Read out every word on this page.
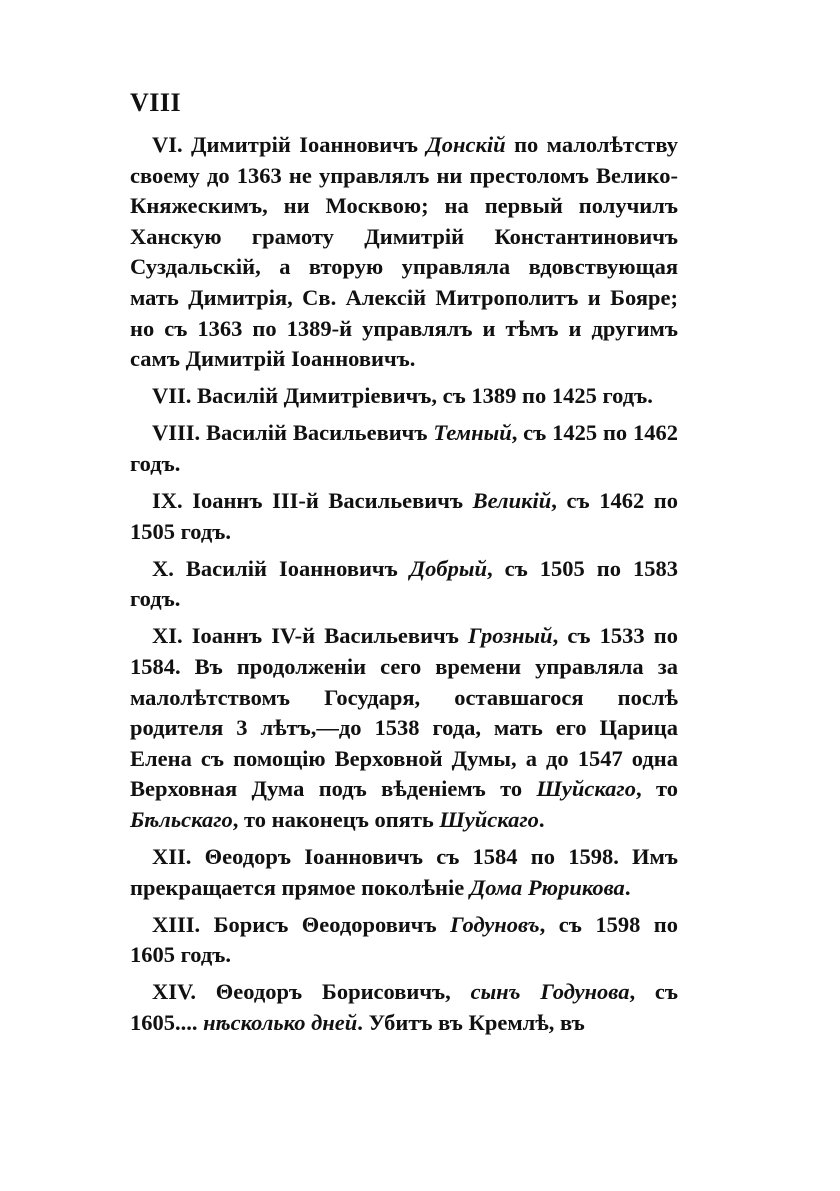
VIII

VI. Димитрій Іоанновичъ Донскій по малолѣтству своему до 1363 не управлялъ ни престоломъ Велико-Княжескимъ, ни Москвою; на первый получилъ Ханскую грамоту Димитрій Константиновичъ Суздальскій, а вторую управляла вдовствующая мать Димитрія, Св. Алексій Митрополитъ и Бояре; но съ 1363 по 1389-й управлялъ и тѣмъ и другимъ самъ Димитрій Іоанновичъ.

VII. Василій Димитріевичъ, съ 1389 по 1425 годъ.

VIII. Василій Васильевичъ Темный, съ 1425 по 1462 годъ.

IX. Іоаннъ III-й Васильевичъ Великій, съ 1462 по 1505 годъ.

X. Василій Іоанновичъ Добрый, съ 1505 по 1583 годъ.

XI. Іоаннъ IV-й Васильевичъ Грозный, съ 1533 по 1584. Въ продолженіи сего времени управляла за малолѣтствомъ Государя, оставшагося послѣ родителя 3 лѣтъ,—до 1538 года, мать его Царица Елена съ помощію Верховной Думы, а до 1547 одна Верховная Дума подъ вѣденіемъ то Шуйскаго, то Бѣльскаго, то наконецъ опять Шуйскаго.

XII. Θеодоръ Іоанновичъ съ 1584 по 1598. Имъ прекращается прямое поколѣніе Дома Рюрикова.

XIII. Борисъ Θеодоровичъ Годуновъ, съ 1598 по 1605 годъ.

XIV. Θеодоръ Борисовичъ, сынъ Годунова, съ 1605.... нѣсколько дней. Убитъ въ Кремлѣ, въ
